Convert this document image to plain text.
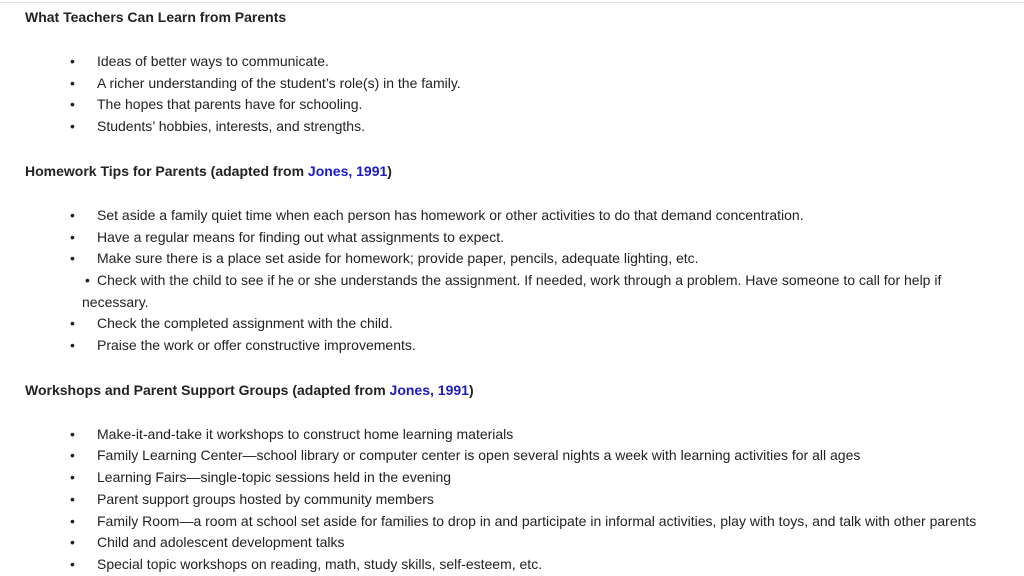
What Teachers Can Learn from Parents
• Ideas of better ways to communicate.
• A richer understanding of the student’s role(s) in the family.
• The hopes that parents have for schooling.
• Students’ hobbies, interests, and strengths.
Homework Tips for Parents (adapted from Jones, 1991)
• Set aside a family quiet time when each person has homework or other activities to do that demand concentration.
• Have a regular means for finding out what assignments to expect.
• Make sure there is a place set aside for homework; provide paper, pencils, adequate lighting, etc.
• Check with the child to see if he or she understands the assignment. If needed, work through a problem. Have someone to call for help if necessary.
• Check the completed assignment with the child.
• Praise the work or offer constructive improvements.
Workshops and Parent Support Groups (adapted from Jones, 1991)
• Make-it-and-take it workshops to construct home learning materials
• Family Learning Center—school library or computer center is open several nights a week with learning activities for all ages
• Learning Fairs—single-topic sessions held in the evening
• Parent support groups hosted by community members
• Family Room—a room at school set aside for families to drop in and participate in informal activities, play with toys, and talk with other parents
• Child and adolescent development talks
• Special topic workshops on reading, math, study skills, self-esteem, etc.
